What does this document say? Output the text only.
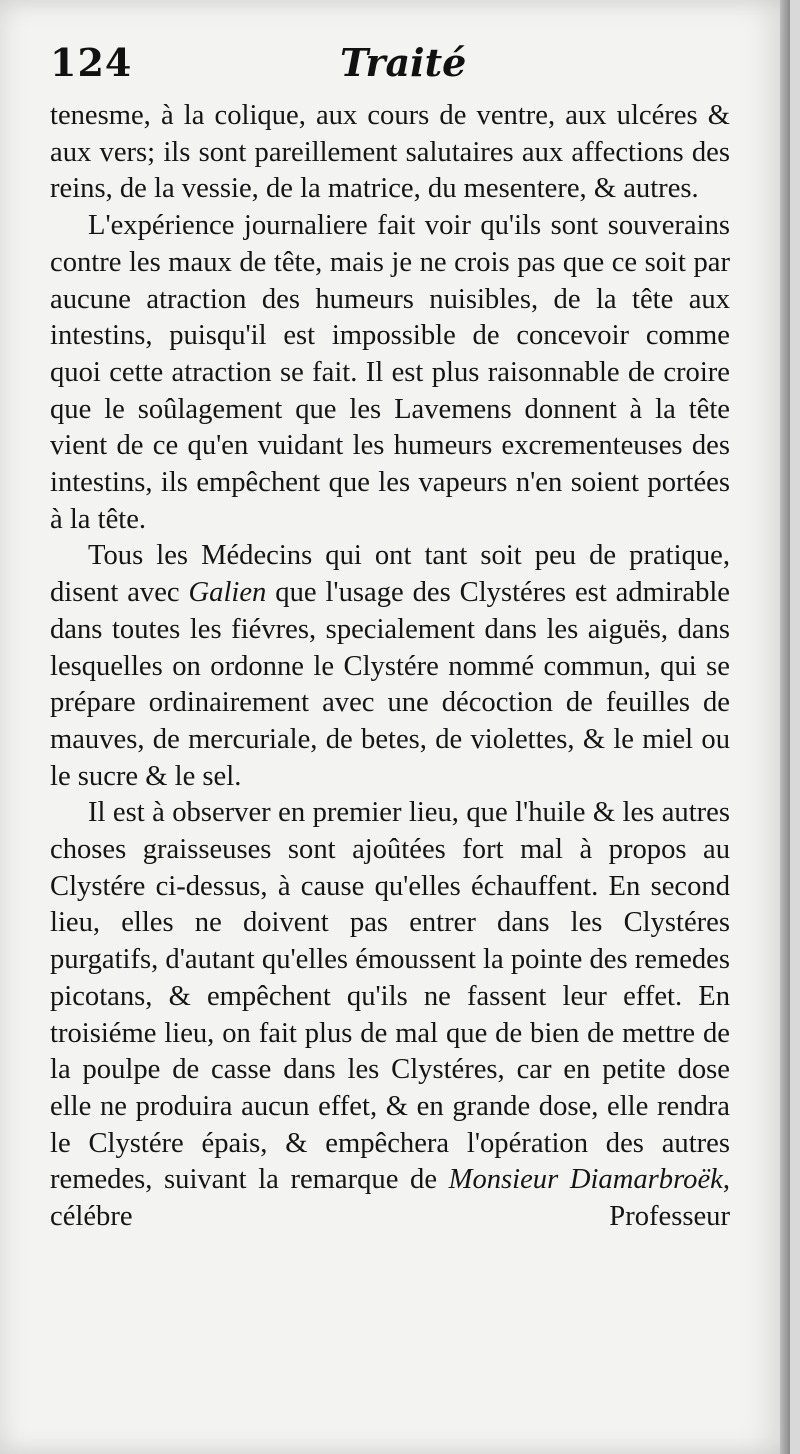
124	Traité

tenesme, à la colique, aux cours de ventre, aux ulcéres & aux vers; ils sont pareillement salutaires aux affections des reins, de la vessie, de la matrice, du mesentere, & autres.

L'expérience journaliere fait voir qu'ils sont souverains contre les maux de tête, mais je ne crois pas que ce soit par aucune atraction des humeurs nuisibles, de la tête aux intestins, puisqu'il est impossible de concevoir comme quoi cette atraction se fait. Il est plus raisonnable de croire que le soûlagement que les Lavemens donnent à la tête vient de ce qu'en vuidant les humeurs excrementeuses des intestins, ils empêchent que les vapeurs n'en soient portées à la tête.

Tous les Médecins qui ont tant soit peu de pratique, disent avec Galien que l'usage des Clystéres est admirable dans toutes les fiévres, specialement dans les aiguës, dans lesquelles on ordonne le Clystére nommé commun, qui se prépare ordinairement avec une décoction de feuilles de mauves, de mercuriale, de betes, de violettes, & le miel ou le sucre & le sel.

Il est à observer en premier lieu, que l'huile & les autres choses graisseuses sont ajoûtées fort mal à propos au Clystére ci-dessus, à cause qu'elles échauffent. En second lieu, elles ne doivent pas entrer dans les Clystéres purgatifs, d'autant qu'elles émoussent la pointe des remedes picotans, & empêchent qu'ils ne fassent leur effet. En troisiéme lieu, on fait plus de mal que de bien de mettre de la poulpe de casse dans les Clystéres, car en petite dose elle ne produira aucun effet, & en grande dose, elle rendra le Clystére épais, & empêchera l'opération des autres remedes, suivant la remarque de Monsieur Diamarbroëk, célébre Professeur
